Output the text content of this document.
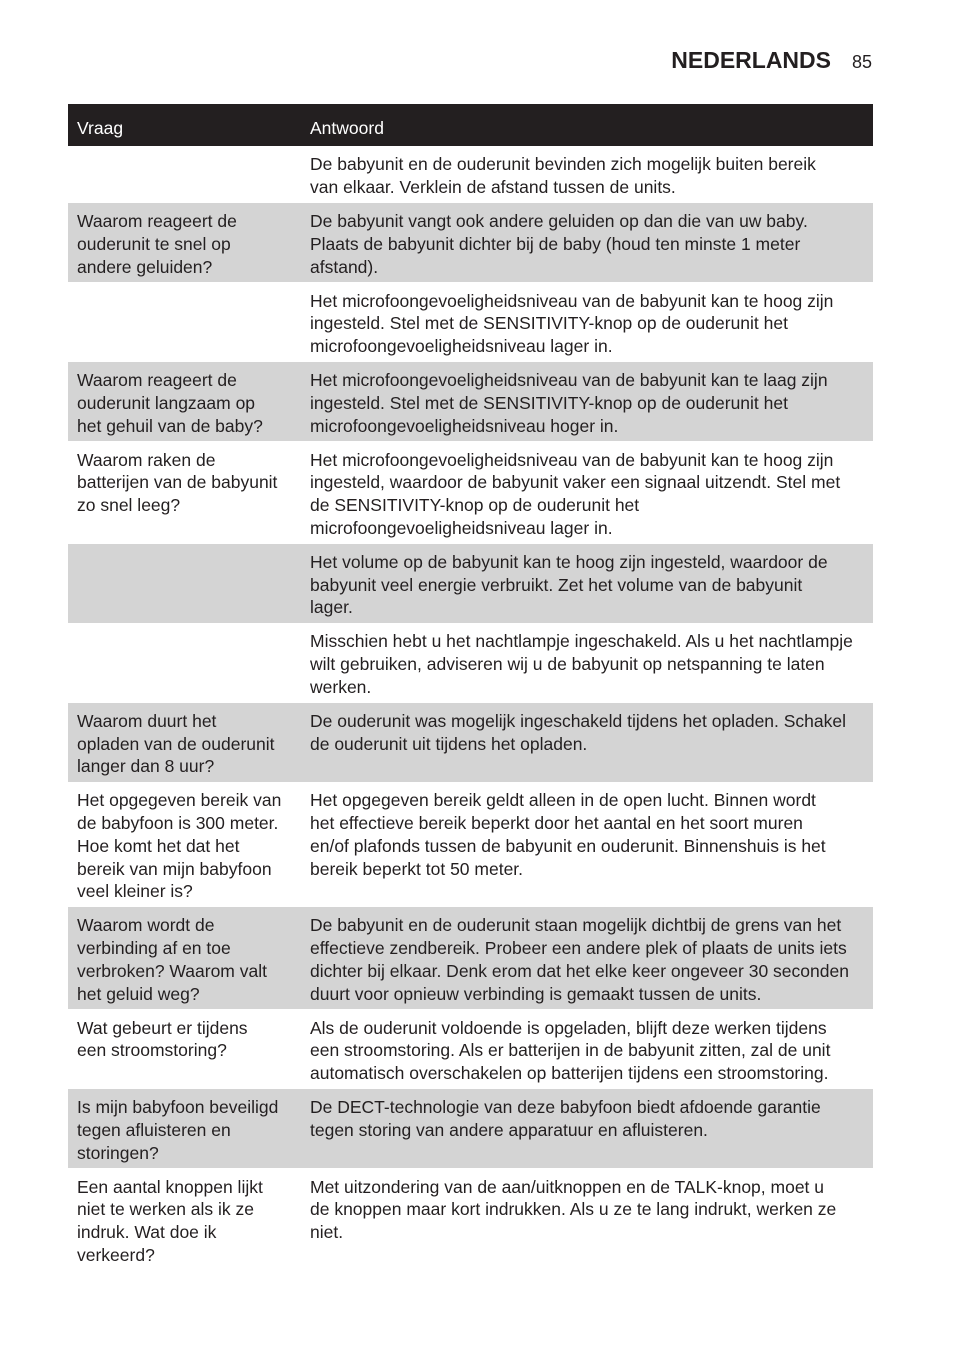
NEDERLANDS 85
Vraag	Antwoord
De babyunit en de ouderunit bevinden zich mogelijk buiten bereik
van elkaar. Verklein de afstand tussen de units.
Waarom reageert de
ouderunit te snel op
andere geluiden?
De babyunit vangt ook andere geluiden op dan die van uw baby.
Plaats de babyunit dichter bij de baby (houd ten minste 1 meter
afstand).
Het microfoongevoeligheidsniveau van de babyunit kan te hoog zijn
ingesteld. Stel met de SENSITIVITY-knop op de ouderunit het
microfoongevoeligheidsniveau lager in.
Waarom reageert de
ouderunit langzaam op
het gehuil van de baby?
Het microfoongevoeligheidsniveau van de babyunit kan te laag zijn
ingesteld. Stel met de SENSITIVITY-knop op de ouderunit het
microfoongevoeligheidsniveau hoger in.
Waarom raken de
batterijen van de babyunit
zo snel leeg?
Het microfoongevoeligheidsniveau van de babyunit kan te hoog zijn
ingesteld, waardoor de babyunit vaker een signaal uitzendt. Stel met
de SENSITIVITY-knop op de ouderunit het
microfoongevoeligheidsniveau lager in.
Het volume op de babyunit kan te hoog zijn ingesteld, waardoor de
babyunit veel energie verbruikt. Zet het volume van de babyunit
lager.
Misschien hebt u het nachtlampje ingeschakeld. Als u het nachtlampje
wilt gebruiken, adviseren wij u de babyunit op netspanning te laten
werken.
Waarom duurt het
opladen van de ouderunit
langer dan 8 uur?
De ouderunit was mogelijk ingeschakeld tijdens het opladen. Schakel
de ouderunit uit tijdens het opladen.
Het opgegeven bereik van
de babyfoon is 300 meter.
Hoe komt het dat het
bereik van mijn babyfoon
veel kleiner is?
Het opgegeven bereik geldt alleen in de open lucht. Binnen wordt
het effectieve bereik beperkt door het aantal en het soort muren
en/of plafonds tussen de babyunit en ouderunit. Binnenshuis is het
bereik beperkt tot 50 meter.
Waarom wordt de
verbinding af en toe
verbroken? Waarom valt
het geluid weg?
De babyunit en de ouderunit staan mogelijk dichtbij de grens van het
effectieve zendbereik. Probeer een andere plek of plaats de units iets
dichter bij elkaar. Denk erom dat het elke keer ongeveer 30 seconden
duurt voor opnieuw verbinding is gemaakt tussen de units.
Wat gebeurt er tijdens
een stroomstoring?
Als de ouderunit voldoende is opgeladen, blijft deze werken tijdens
een stroomstoring. Als er batterijen in de babyunit zitten, zal de unit
automatisch overschakelen op batterijen tijdens een stroomstoring.
Is mijn babyfoon beveiligd
tegen afluisteren en
storingen?
De DECT-technologie van deze babyfoon biedt afdoende garantie
tegen storing van andere apparatuur en afluisteren.
Een aantal knoppen lijkt
niet te werken als ik ze
indruk. Wat doe ik
verkeerd?
Met uitzondering van de aan/uitknoppen en de TALK-knop, moet u
de knoppen maar kort indrukken. Als u ze te lang indrukt, werken ze
niet.
